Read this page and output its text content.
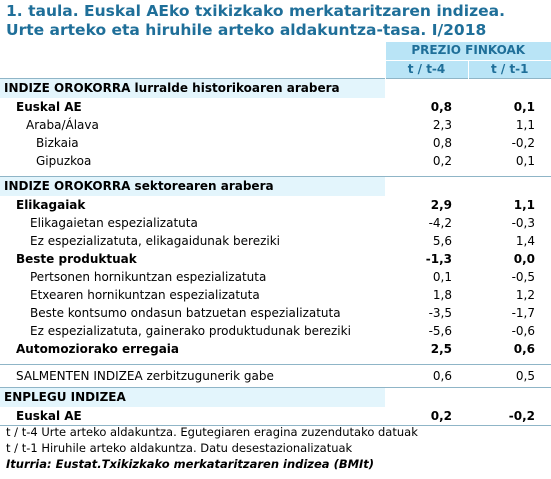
1. taula. Euskal AEko txikizkako merkataritzaren indizea. Urte arteko eta hiruhile arteko aldakuntza-tasa. I/2018
	PREZIO FINKOAK	
	t / t-4	t / t-1
INDIZE OROKORRA lurralde historikoaren arabera		
Euskal AE	0,8	0,1
Araba/Álava	2,3	1,1
Bizkaia	0,8	-0,2
Gipuzkoa	0,2	0,1

INDIZE OROKORRA sektorearen arabera		
Elikagaiak	2,9	1,1
Elikagaietan espezializatuta	-4,2	-0,3
Ez espezializatuta, elikagaidunak bereziki	5,6	1,4
Beste produktuak	-1,3	0,0
Pertsonen hornikuntzan espezializatuta	0,1	-0,5
Etxearen hornikuntzan espezializatuta	1,8	1,2
Beste kontsumo ondasun batzuetan espezializatuta	-3,5	-1,7
Ez espezializatuta, gainerako produktudunak bereziki	-5,6	-0,6
Automoziorako erregaia	2,5	0,6

SALMENTEN INDIZEA zerbitzugunerik gabe	0,6	0,5
ENPLEGU INDIZEA		
Euskal AE	0,2	-0,2
t / t-4 Urte arteko aldakuntza. Egutegiaren eragina zuzendutako datuak
t / t-1 Hiruhile arteko aldakuntza. Datu desestazionalizatuak
Iturria: Eustat.Txikizkako merkataritzaren indizea (BMIt)
